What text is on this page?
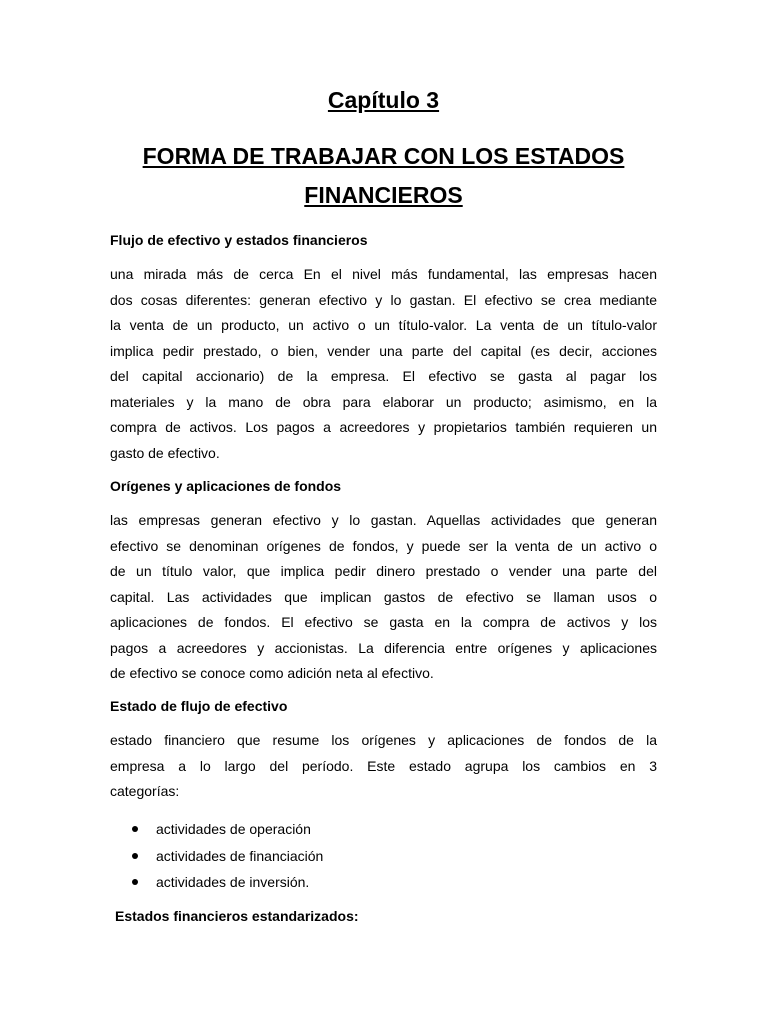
Capítulo 3
FORMA DE TRABAJAR CON LOS ESTADOS
FINANCIEROS
Flujo de efectivo y estados financieros
una mirada más de cerca En el nivel más fundamental, las empresas hacen
dos cosas diferentes: generan efectivo y lo gastan. El efectivo se crea mediante
la venta de un producto, un activo o un título-valor. La venta de un título-valor
implica pedir prestado, o bien, vender una parte del capital (es decir, acciones
del capital accionario) de la empresa. El efectivo se gasta al pagar los
materiales y la mano de obra para elaborar un producto; asimismo, en la
compra de activos. Los pagos a acreedores y propietarios también requieren un
gasto de efectivo.
Orígenes y aplicaciones de fondos
las empresas generan efectivo y lo gastan. Aquellas actividades que generan
efectivo se denominan orígenes de fondos, y puede ser la venta de un activo o
de un título valor, que implica pedir dinero prestado o vender una parte del
capital. Las actividades que implican gastos de efectivo se llaman usos o
aplicaciones de fondos. El efectivo se gasta en la compra de activos y los
pagos a acreedores y accionistas. La diferencia entre orígenes y aplicaciones
de efectivo se conoce como adición neta al efectivo.
Estado de flujo de efectivo
estado financiero que resume los orígenes y aplicaciones de fondos de la
empresa a lo largo del período. Este estado agrupa los cambios en 3
categorías:
actividades de operación
actividades de financiación
actividades de inversión.
Estados financieros estandarizados:
